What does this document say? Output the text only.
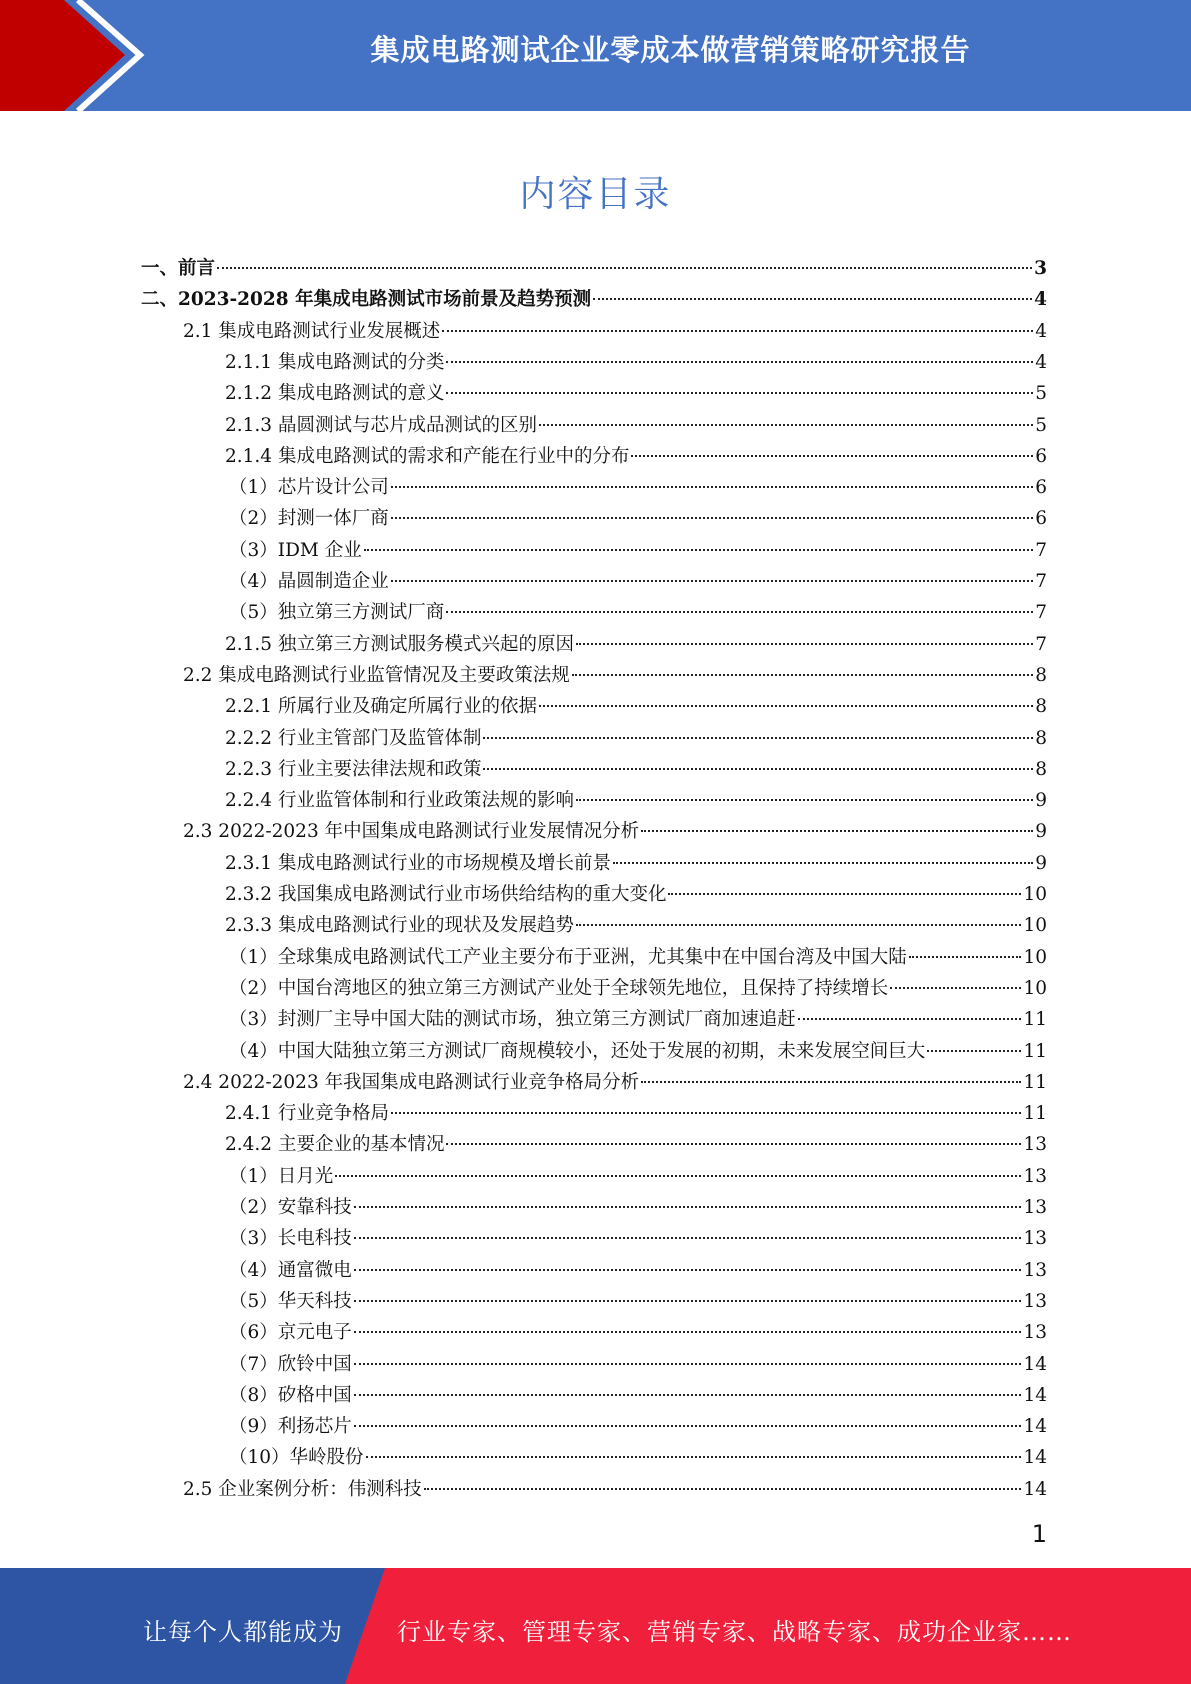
集成电路测试企业零成本做营销策略研究报告
内容目录
一、前言	3
二、2023-2028 年集成电路测试市场前景及趋势预测	4
2.1 集成电路测试行业发展概述	4
2.1.1 集成电路测试的分类	4
2.1.2 集成电路测试的意义	5
2.1.3 晶圆测试与芯片成品测试的区别	5
2.1.4 集成电路测试的需求和产能在行业中的分布	6
（1）芯片设计公司	6
（2）封测一体厂商	6
（3）IDM 企业	7
（4）晶圆制造企业	7
（5）独立第三方测试厂商	7
2.1.5 独立第三方测试服务模式兴起的原因	7
2.2 集成电路测试行业监管情况及主要政策法规	8
2.2.1 所属行业及确定所属行业的依据	8
2.2.2 行业主管部门及监管体制	8
2.2.3 行业主要法律法规和政策	8
2.2.4 行业监管体制和行业政策法规的影响	9
2.3 2022-2023 年中国集成电路测试行业发展情况分析	9
2.3.1 集成电路测试行业的市场规模及增长前景	9
2.3.2 我国集成电路测试行业市场供给结构的重大变化	10
2.3.3 集成电路测试行业的现状及发展趋势	10
（1）全球集成电路测试代工产业主要分布于亚洲，尤其集中在中国台湾及中国大陆	10
（2）中国台湾地区的独立第三方测试产业处于全球领先地位，且保持了持续增长	10
（3）封测厂主导中国大陆的测试市场，独立第三方测试厂商加速追赶	11
（4）中国大陆独立第三方测试厂商规模较小，还处于发展的初期，未来发展空间巨大	11
2.4 2022-2023 年我国集成电路测试行业竞争格局分析	11
2.4.1 行业竞争格局	11
2.4.2 主要企业的基本情况	13
（1）日月光	13
（2）安靠科技	13
（3）长电科技	13
（4）通富微电	13
（5）华天科技	13
（6）京元电子	13
（7）欣铃中国	14
（8）矽格中国	14
（9）利扬芯片	14
（10）华岭股份	14
2.5 企业案例分析：伟测科技	14
1
让每个人都能成为 行业专家、管理专家、营销专家、战略专家、成功企业家……
